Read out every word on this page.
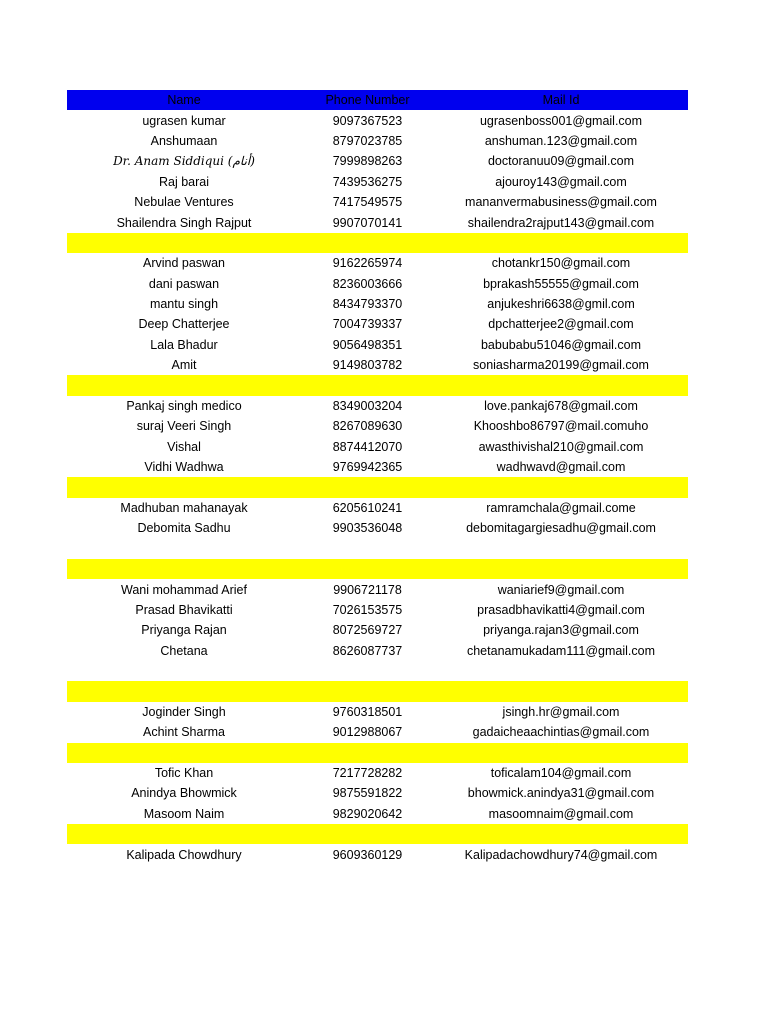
Name	Phone Number	Mail Id
ugrasen kumar	9097367523	ugrasenboss001@gmail.com
Anshumaan	8797023785	anshuman.123@gmail.com
Dr. Anam Siddiqui (أنام)	7999898263	doctoranuu09@gmail.com
Raj barai	7439536275	ajouroy143@gmail.com
Nebulae Ventures	7417549575	mananvermabusiness@gmail.com
Shailendra Singh Rajput	9907070141	shailendra2rajput143@gmail.com
Arvind paswan	9162265974	chotankr150@gmail.com
dani paswan	8236003666	bprakash55555@gmail.com
mantu singh	8434793370	anjukeshri6638@gmil.com
Deep Chatterjee	7004739337	dpchatterjee2@gmail.com
Lala Bhadur	9056498351	babubabu51046@gmail.com
Amit	9149803782	soniasharma20199@gmail.com
Pankaj singh medico	8349003204	love.pankaj678@gmail.com
suraj Veeri Singh	8267089630	Khooshbo86797@mail.comuho
Vishal	8874412070	awasthivishal210@gmail.com
Vidhi Wadhwa	9769942365	wadhwavd@gmail.com
Madhuban mahanayak	6205610241	ramramchala@gmail.come
Debomita Sadhu	9903536048	debomitagargiesadhu@gmail.com
Wani mohammad Arief	9906721178	waniarief9@gmail.com
Prasad Bhavikatti	7026153575	prasadbhavikatti4@gmail.com
Priyanga Rajan	8072569727	priyanga.rajan3@gmail.com
Chetana	8626087737	chetanamukadam111@gmail.com
Joginder Singh	9760318501	jsingh.hr@gmail.com
Achint Sharma	9012988067	gadaicheaachintias@gmail.com
Tofic Khan	7217728282	toficalam104@gmail.com
Anindya Bhowmick	9875591822	bhowmick.anindya31@gmail.com
Masoom Naim	9829020642	masoomnaim@gmail.com
Kalipada Chowdhury	9609360129	Kalipadachowdhury74@gmail.com
